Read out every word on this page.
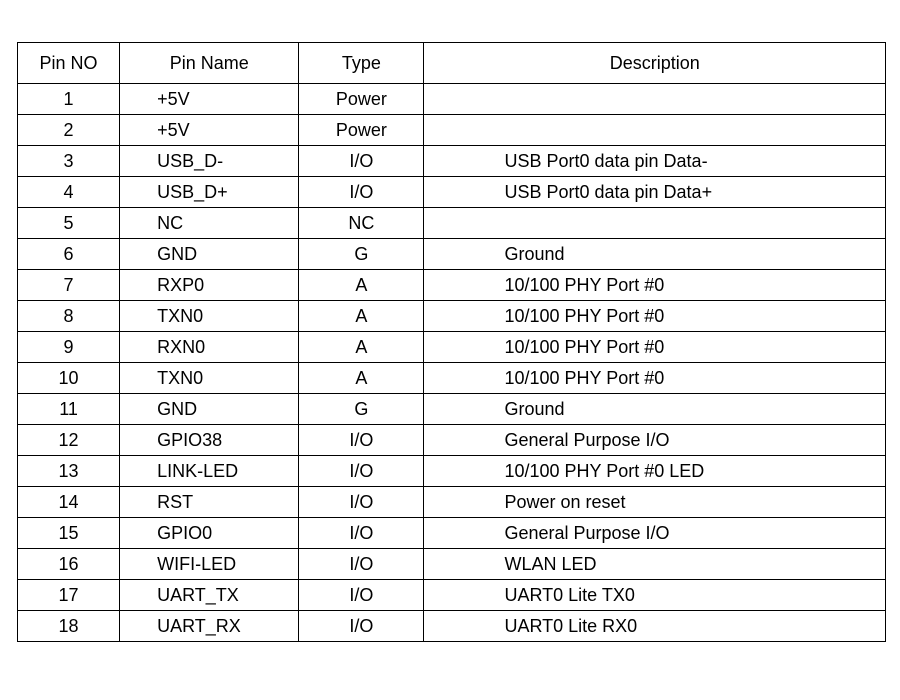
Pin NO	Pin Name	Type	Description
1	+5V	Power	
2	+5V	Power	
3	USB_D-	I/O	USB Port0 data pin Data-
4	USB_D+	I/O	USB Port0 data pin Data+
5	NC	NC	
6	GND	G	Ground
7	RXP0	A	10/100 PHY Port #0
8	TXN0	A	10/100 PHY Port #0
9	RXN0	A	10/100 PHY Port #0
10	TXN0	A	10/100 PHY Port #0
11	GND	G	Ground
12	GPIO38	I/O	General Purpose I/O
13	LINK-LED	I/O	10/100 PHY Port #0 LED
14	RST	I/O	Power on reset
15	GPIO0	I/O	General Purpose I/O
16	WIFI-LED	I/O	WLAN LED
17	UART_TX	I/O	UART0 Lite TX0
18	UART_RX	I/O	UART0 Lite RX0
